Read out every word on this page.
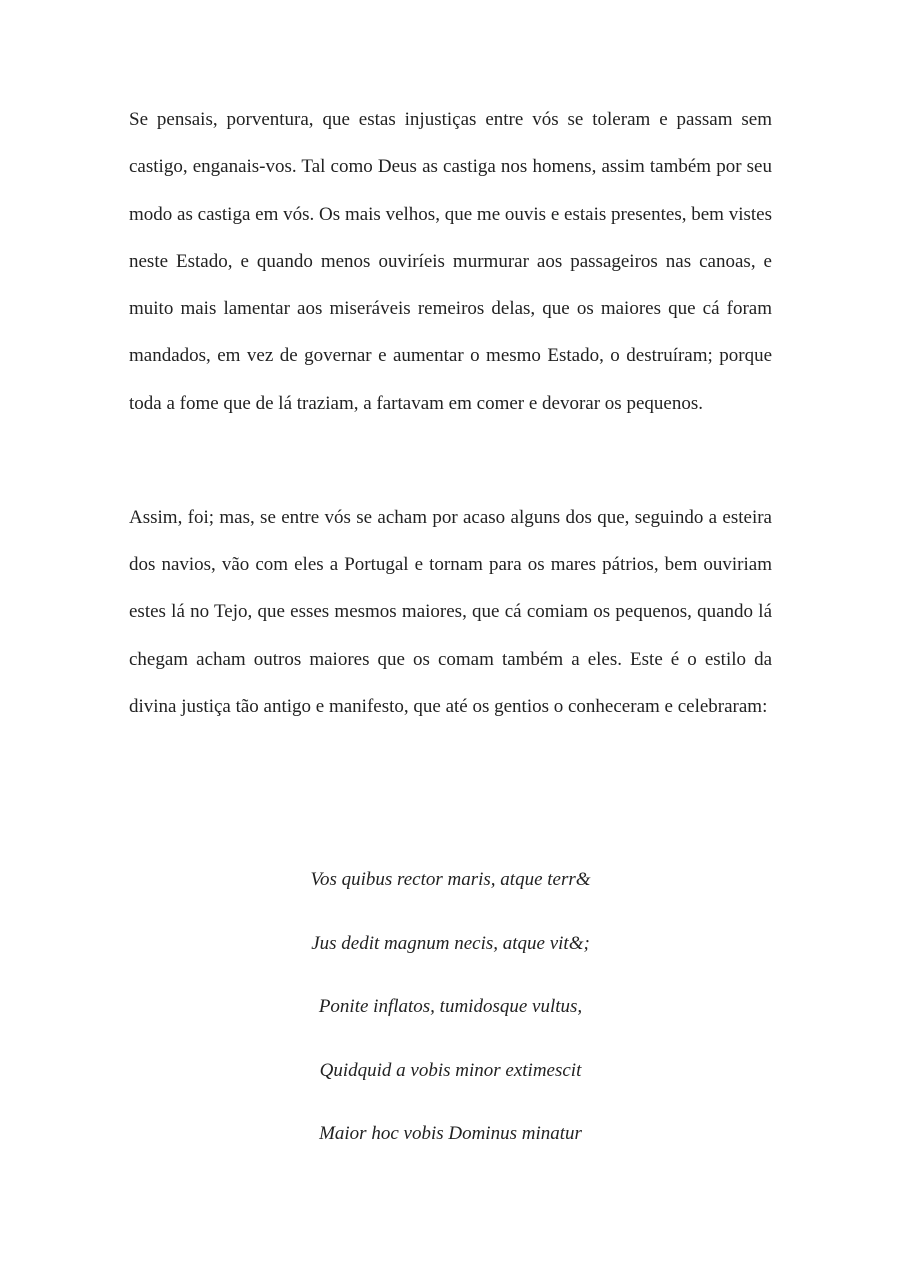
Se pensais, porventura, que estas injustiças entre vós se toleram e passam sem castigo, enganais-vos. Tal como Deus as castiga nos homens, assim também por seu modo as castiga em vós. Os mais velhos, que me ouvis e estais presentes, bem vistes neste Estado, e quando menos ouviríeis murmurar aos passageiros nas canoas, e muito mais lamentar aos miseráveis remeiros delas, que os maiores que cá foram mandados, em vez de governar e aumentar o mesmo Estado, o destruíram; porque toda a fome que de lá traziam, a fartavam em comer e devorar os pequenos.

Assim, foi; mas, se entre vós se acham por acaso alguns dos que, seguindo a esteira dos navios, vão com eles a Portugal e tornam para os mares pátrios, bem ouviriam estes lá no Tejo, que esses mesmos maiores, que cá comiam os pequenos, quando lá chegam acham outros maiores que os comam também a eles. Este é o estilo da divina justiça tão antigo e manifesto, que até os gentios o conheceram e celebraram:

Vos quibus rector maris, atque terr&
Jus dedit magnum necis, atque vit&;
Ponite inflatos, tumidosque vultus,
Quidquid a vobis minor extimescit
Maior hoc vobis Dominus minatur
